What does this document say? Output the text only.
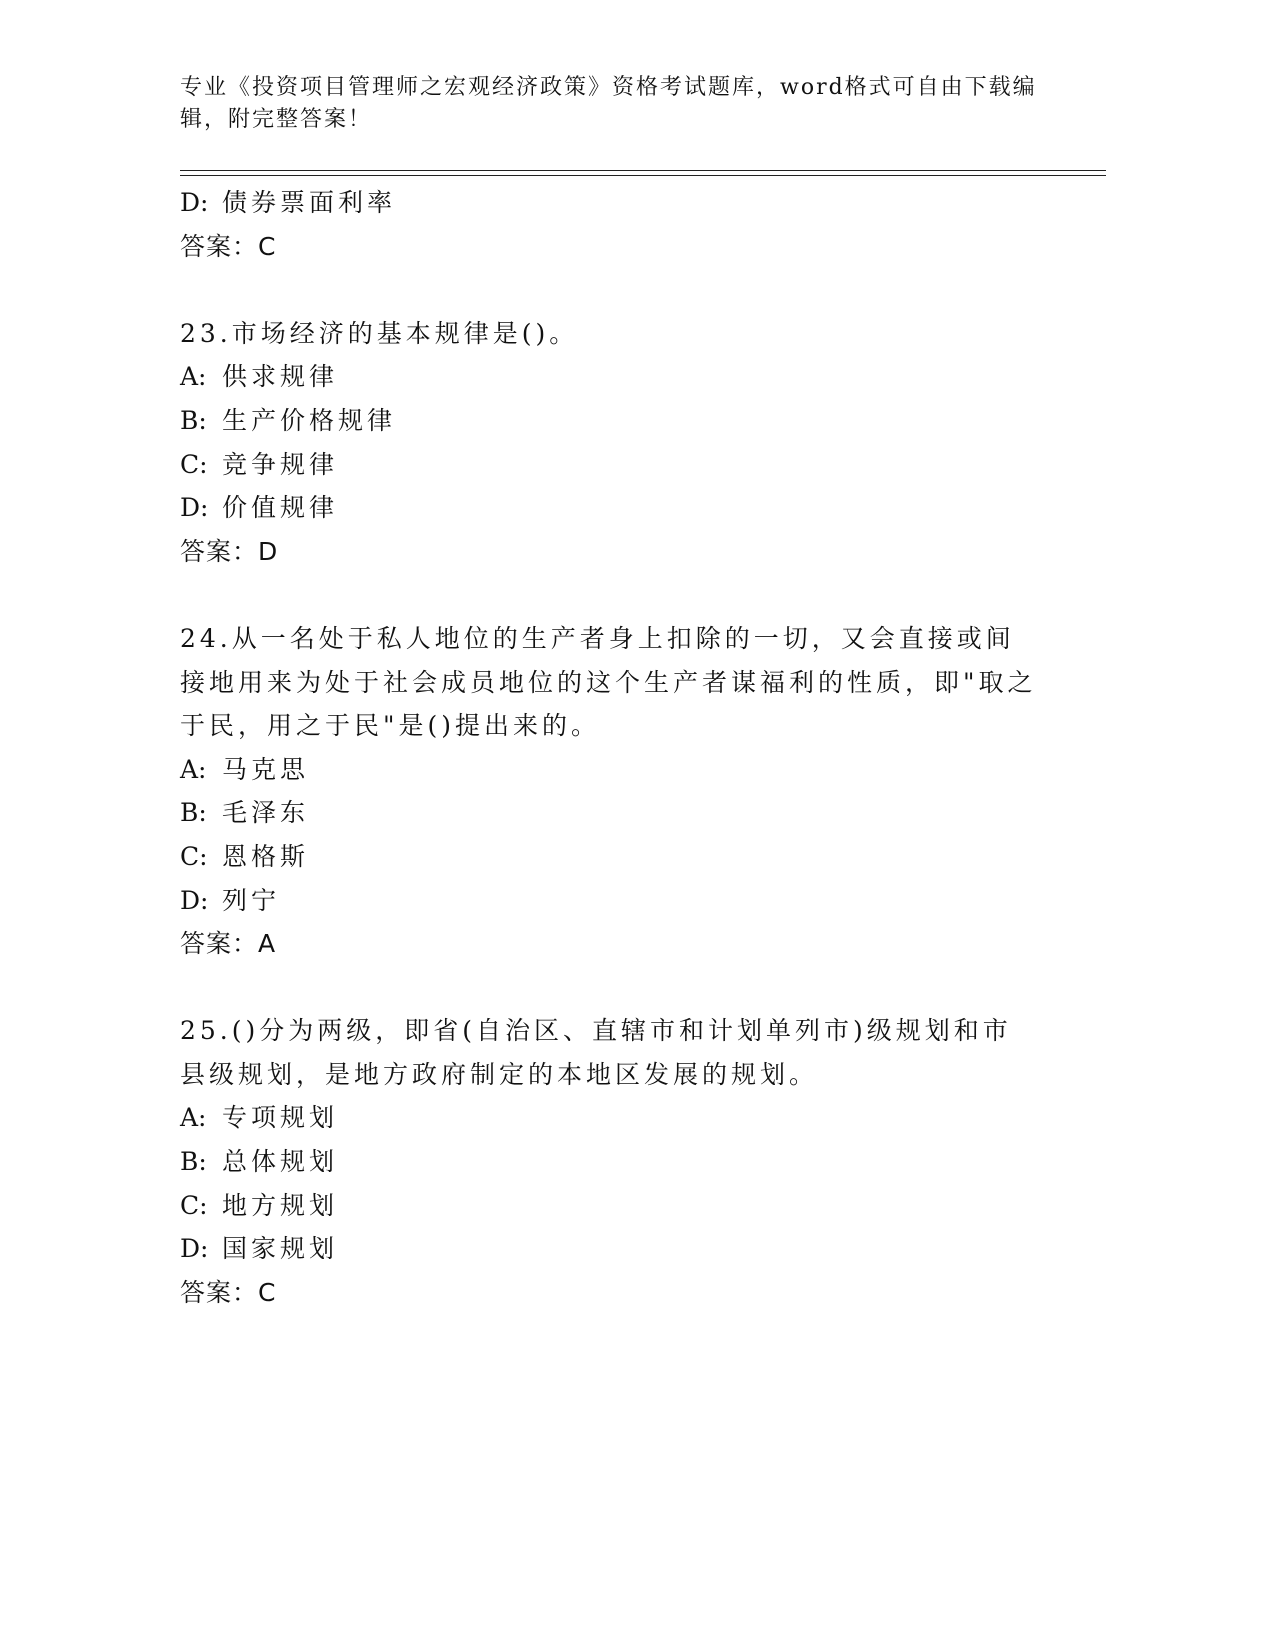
专业《投资项目管理师之宏观经济政策》资格考试题库，word格式可自由下载编辑，附完整答案！
D: 债券票面利率
答案：C
23.市场经济的基本规律是()。
A: 供求规律
B: 生产价格规律
C: 竞争规律
D: 价值规律
答案：D
24.从一名处于私人地位的生产者身上扣除的一切，又会直接或间接地用来为处于社会成员地位的这个生产者谋福利的性质，即"取之于民，用之于民"是()提出来的。
A: 马克思
B: 毛泽东
C: 恩格斯
D: 列宁
答案：A
25.()分为两级，即省(自治区、直辖市和计划单列市)级规划和市县级规划，是地方政府制定的本地区发展的规划。
A: 专项规划
B: 总体规划
C: 地方规划
D: 国家规划
答案：C
